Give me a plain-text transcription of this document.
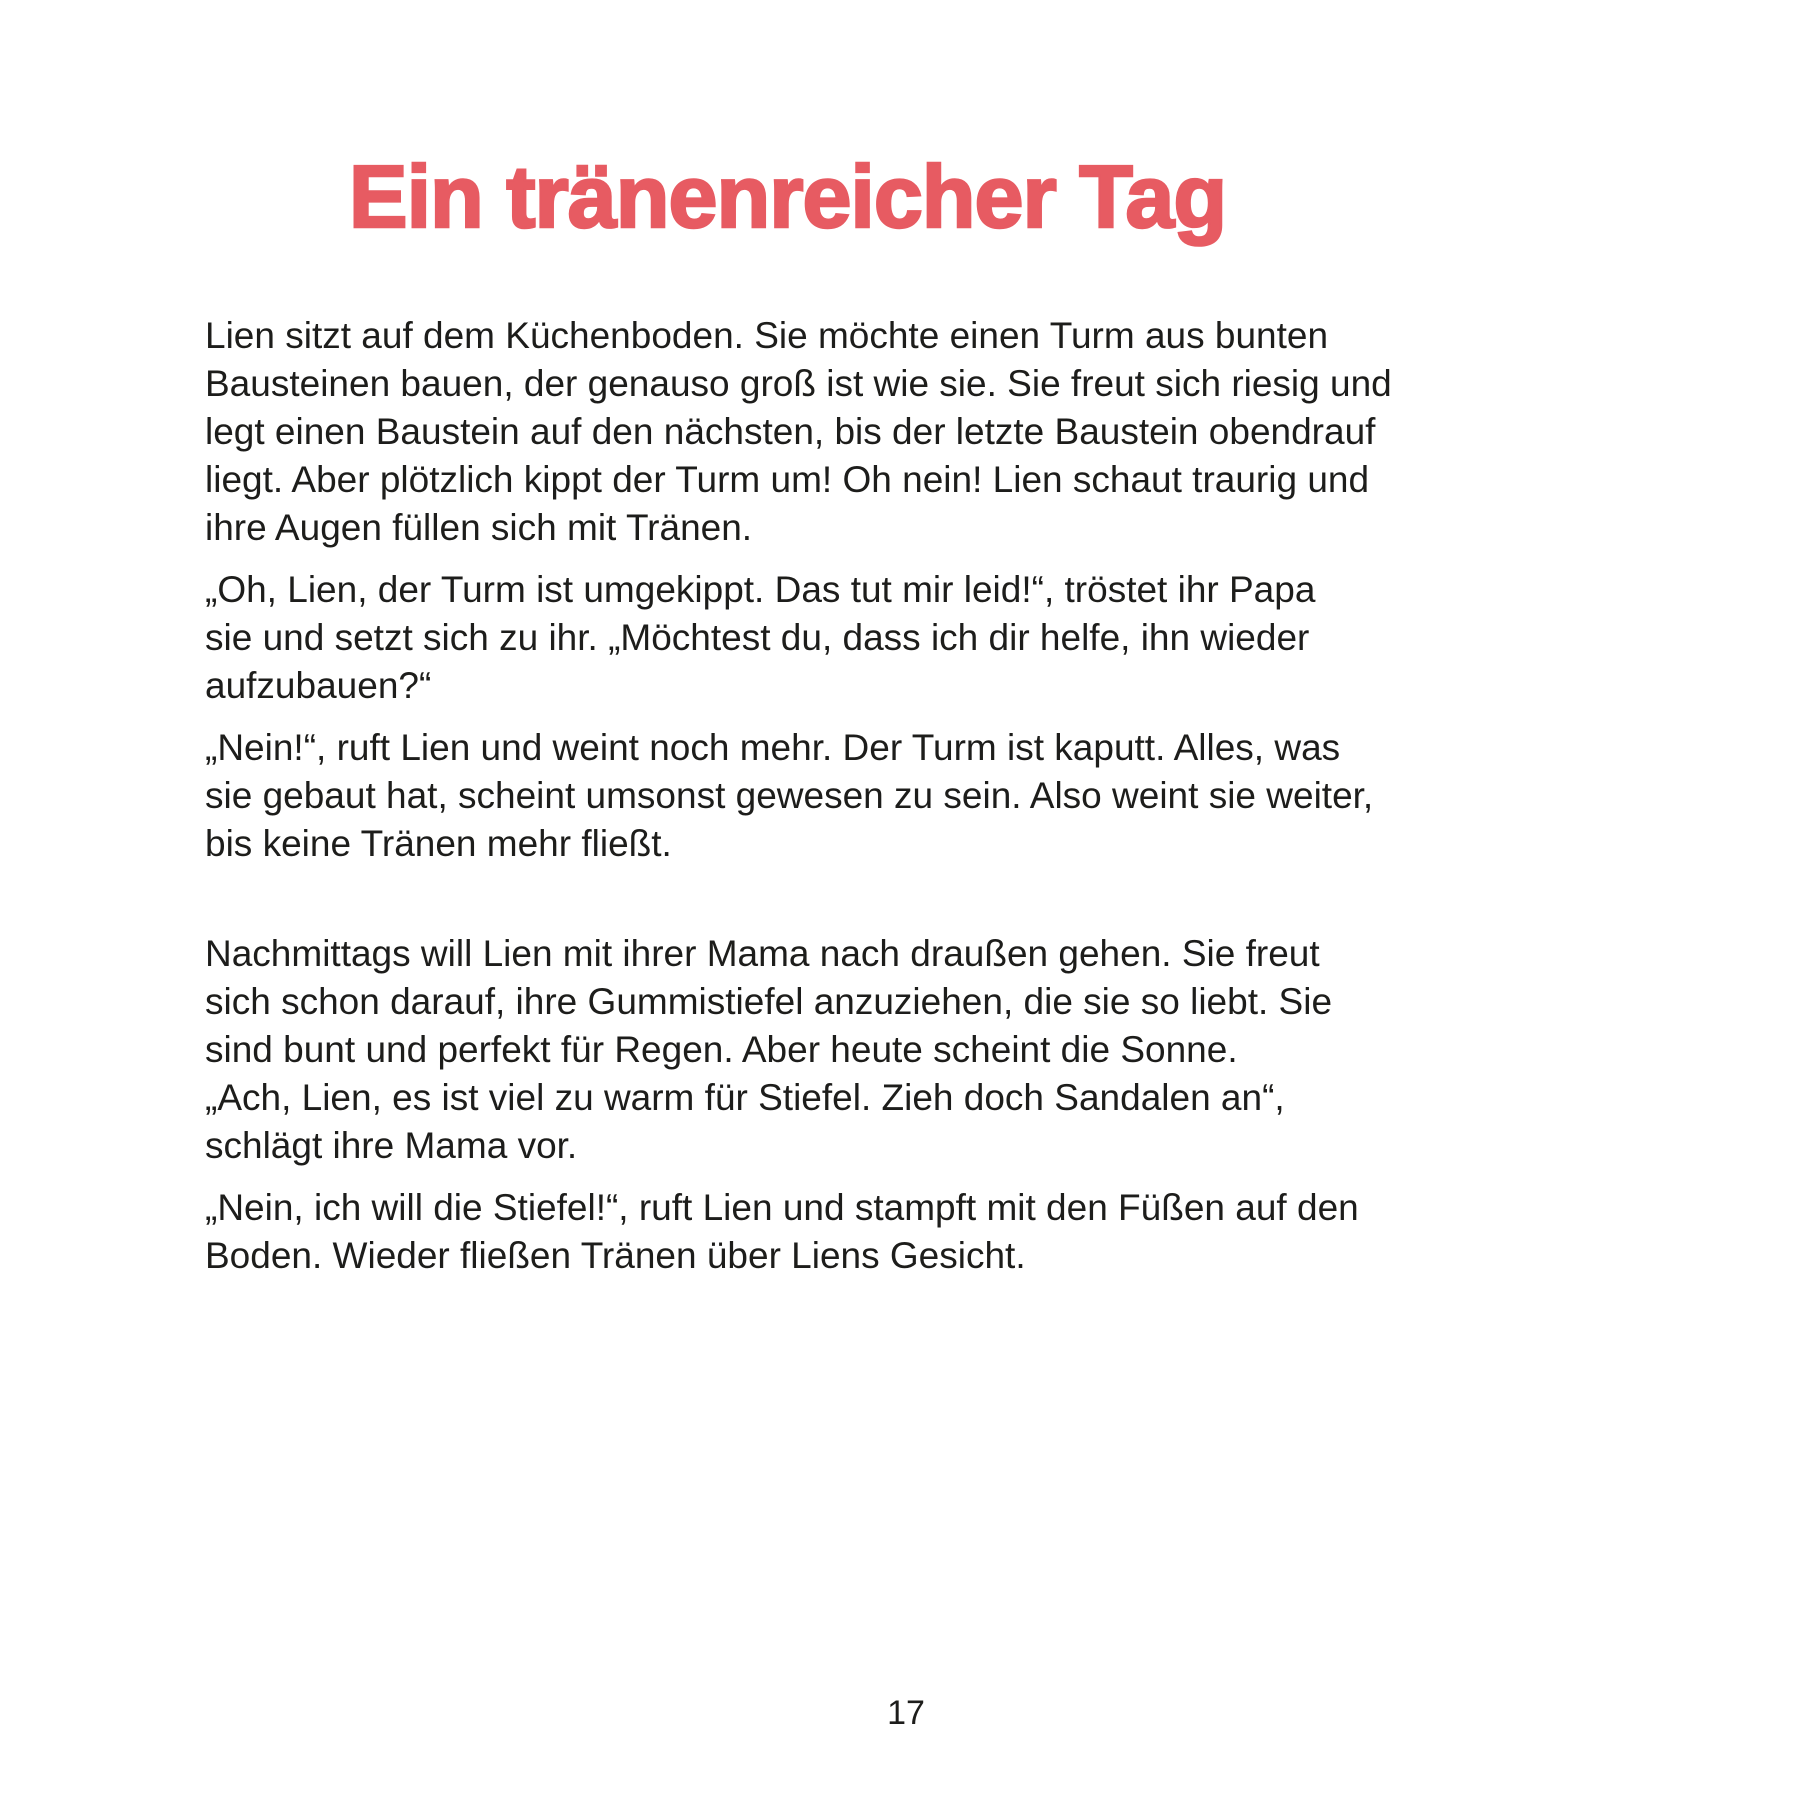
Ein tränenreicher Tag

Lien sitzt auf dem Küchenboden. Sie möchte einen Turm aus bunten
Bausteinen bauen, der genauso groß ist wie sie. Sie freut sich riesig und
legt einen Baustein auf den nächsten, bis der letzte Baustein obendrauf
liegt. Aber plötzlich kippt der Turm um! Oh nein! Lien schaut traurig und
ihre Augen füllen sich mit Tränen.

„Oh, Lien, der Turm ist umgekippt. Das tut mir leid!“, tröstet ihr Papa
sie und setzt sich zu ihr. „Möchtest du, dass ich dir helfe, ihn wieder
aufzubauen?“

„Nein!“, ruft Lien und weint noch mehr. Der Turm ist kaputt. Alles, was
sie gebaut hat, scheint umsonst gewesen zu sein. Also weint sie weiter,
bis keine Tränen mehr fließt.

Nachmittags will Lien mit ihrer Mama nach draußen gehen. Sie freut
sich schon darauf, ihre Gummistiefel anzuziehen, die sie so liebt. Sie
sind bunt und perfekt für Regen. Aber heute scheint die Sonne.
„Ach, Lien, es ist viel zu warm für Stiefel. Zieh doch Sandalen an“,
schlägt ihre Mama vor.

„Nein, ich will die Stiefel!“, ruft Lien und stampft mit den Füßen auf den
Boden. Wieder fließen Tränen über Liens Gesicht.

17
